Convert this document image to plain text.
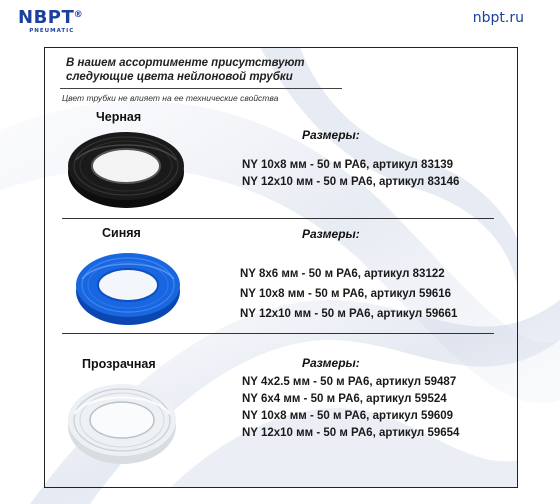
NBPT ®
PNEUMATIC
nbpt.ru
В нашем ассортименте присутствуют
следующие цвета нейлоновой трубки
Цвет трубки не влияет на ее технические свойства
Черная
Размеры:
NY 10x8 мм - 50 м PA6, артикул 83139
NY 12x10 мм - 50 м PA6, артикул 83146
Синяя	Размеры:
NY 8x6 мм - 50 м PA6, артикул 83122
NY 10x8 мм - 50 м PA6, артикул 59616
NY 12x10 мм - 50 м PA6, артикул 59661
Прозрачная	Размеры:
NY 4x2.5 мм - 50 м PA6, артикул 59487
NY 6x4 мм - 50 м PA6, артикул 59524
NY 10x8 мм - 50 м PA6, артикул 59609
NY 12x10 мм - 50 м PA6, артикул 59654
